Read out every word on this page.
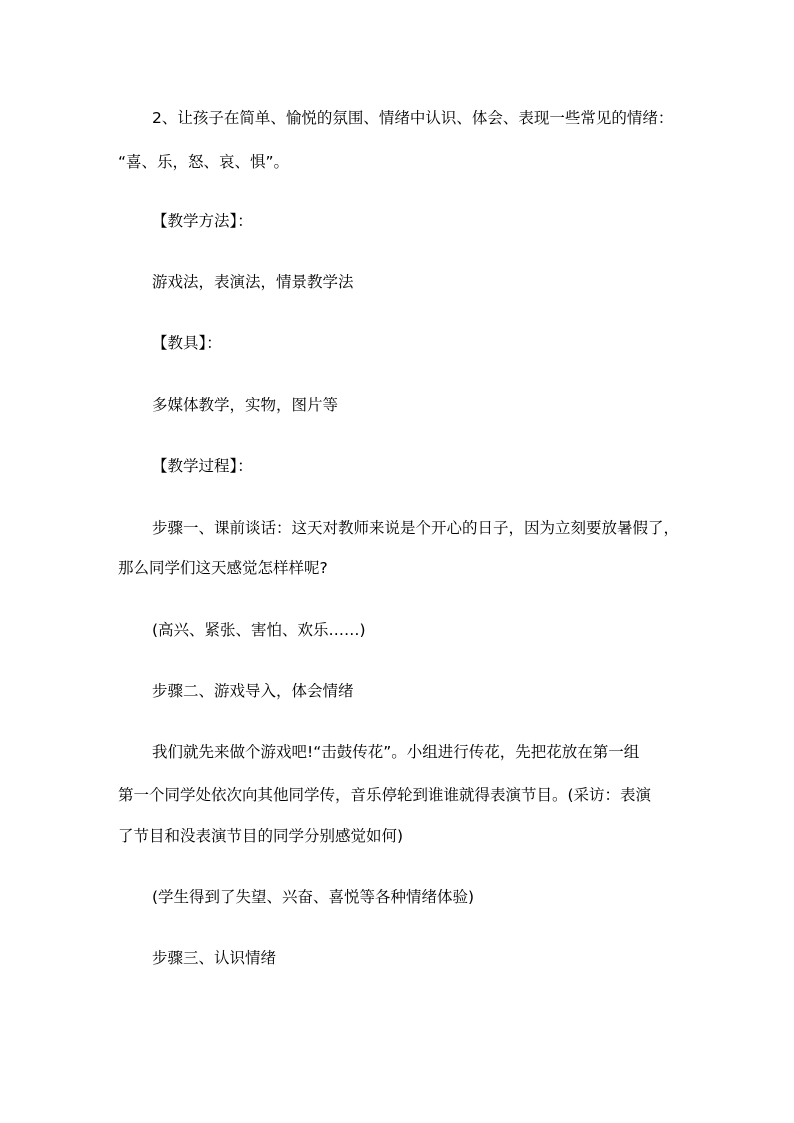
2、让孩子在简单、愉悦的氛围、情绪中认识、体会、表现一些常见的情绪：
“喜、乐，怒、哀、惧”。
【教学方法】：
游戏法，表演法，情景教学法
【教具】：
多媒体教学，实物，图片等
【教学过程】：
步骤一、课前谈话：这天对教师来说是个开心的日子，因为立刻要放暑假了，
那么同学们这天感觉怎样样呢?
(高兴、紧张、害怕、欢乐……)
步骤二、游戏导入，体会情绪
我们就先来做个游戏吧!“击鼓传花”。小组进行传花，先把花放在第一组
第一个同学处依次向其他同学传，音乐停轮到谁谁就得表演节目。(采访：表演
了节目和没表演节目的同学分别感觉如何)
(学生得到了失望、兴奋、喜悦等各种情绪体验)
步骤三、认识情绪
